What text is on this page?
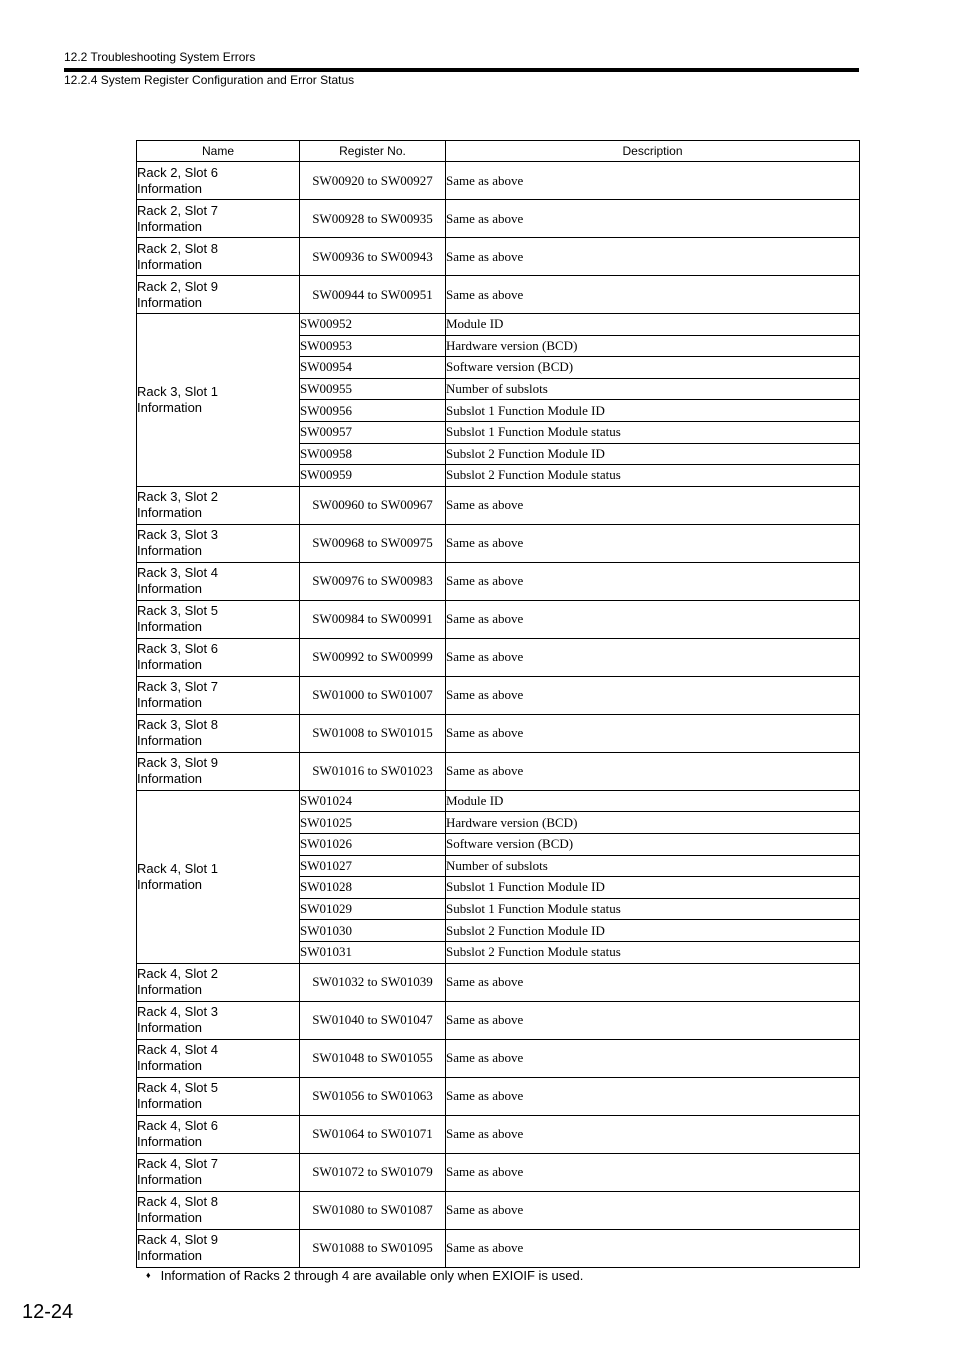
12.2 Troubleshooting System Errors
12.2.4 System Register Configuration and Error Status
Name	Register No.	Description

Rack 2, Slot 6
Information	SW00920 to SW00927	Same as above

Rack 2, Slot 7
Information	SW00928 to SW00935	Same as above

Rack 2, Slot 8
Information	SW00936 to SW00943	Same as above

Rack 2, Slot 9
Information	SW00944 to SW00951	Same as above

Rack 3, Slot 1
Information	SW00952	Module ID
	SW00953	Hardware version (BCD)
	SW00954	Software version (BCD)
	SW00955	Number of subslots
	SW00956	Subslot 1 Function Module ID
	SW00957	Subslot 1 Function Module status
	SW00958	Subslot 2 Function Module ID
	SW00959	Subslot 2 Function Module status

Rack 3, Slot 2
Information	SW00960 to SW00967	Same as above

Rack 3, Slot 3
Information	SW00968 to SW00975	Same as above

Rack 3, Slot 4
Information	SW00976 to SW00983	Same as above

Rack 3, Slot 5
Information	SW00984 to SW00991	Same as above

Rack 3, Slot 6
Information	SW00992 to SW00999	Same as above

Rack 3, Slot 7
Information	SW01000 to SW01007	Same as above

Rack 3, Slot 8
Information	SW01008 to SW01015	Same as above

Rack 3, Slot 9
Information	SW01016 to SW01023	Same as above

Rack 4, Slot 1
Information	SW01024	Module ID
	SW01025	Hardware version (BCD)
	SW01026	Software version (BCD)
	SW01027	Number of subslots
	SW01028	Subslot 1 Function Module ID
	SW01029	Subslot 1 Function Module status
	SW01030	Subslot 2 Function Module ID
	SW01031	Subslot 2 Function Module status

Rack 4, Slot 2
Information	SW01032 to SW01039	Same as above

Rack 4, Slot 3
Information	SW01040 to SW01047	Same as above

Rack 4, Slot 4
Information	SW01048 to SW01055	Same as above

Rack 4, Slot 5
Information	SW01056 to SW01063	Same as above

Rack 4, Slot 6
Information	SW01064 to SW01071	Same as above

Rack 4, Slot 7
Information	SW01072 to SW01079	Same as above

Rack 4, Slot 8
Information	SW01080 to SW01087	Same as above

Rack 4, Slot 9
Information	SW01088 to SW01095	Same as above
♦ Information of Racks 2 through 4 are available only when EXIOIF is used.
12-24
